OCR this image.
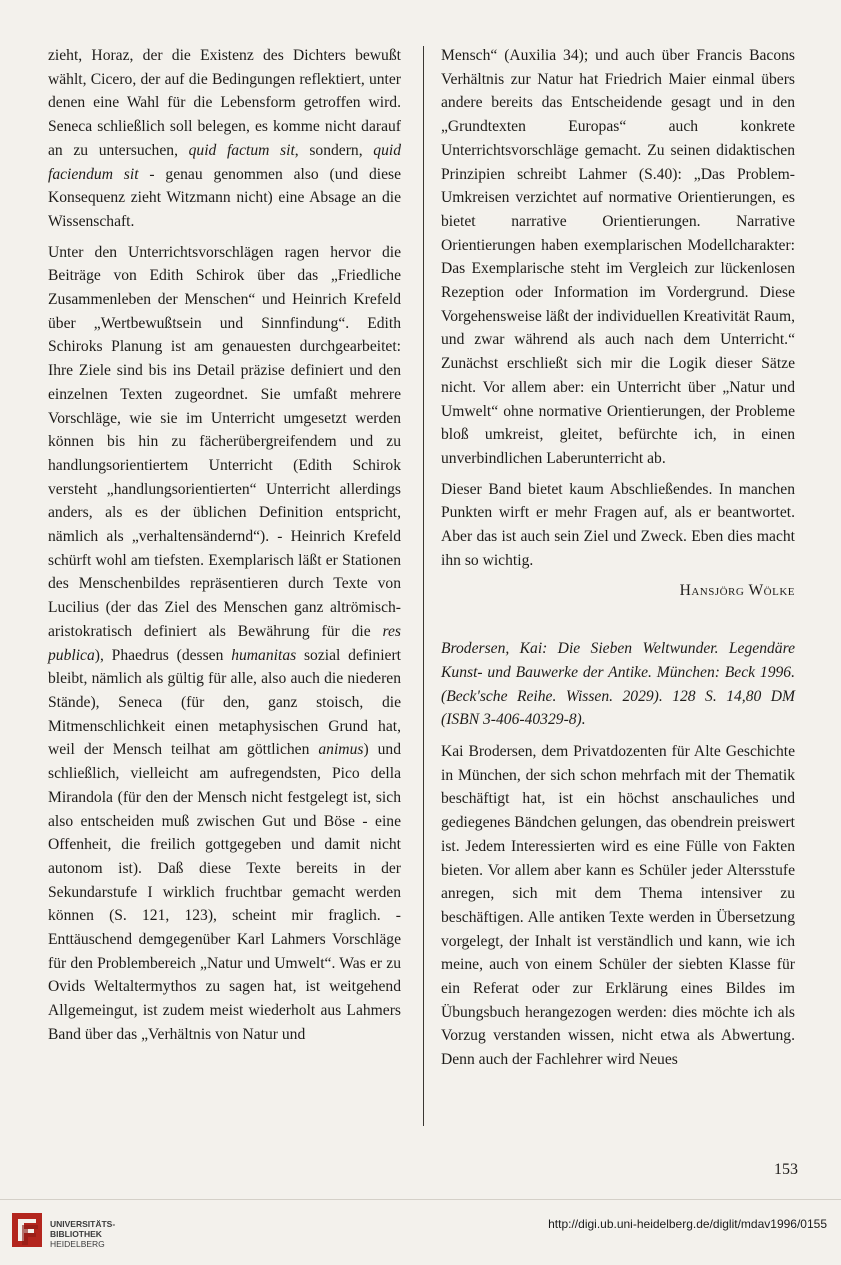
zieht, Horaz, der die Existenz des Dichters bewußt wählt, Cicero, der auf die Bedingungen reflektiert, unter denen eine Wahl für die Lebensform getroffen wird. Seneca schließlich soll belegen, es komme nicht darauf an zu untersuchen, quid factum sit, sondern, quid faciendum sit - genau genommen also (und diese Konsequenz zieht Witzmann nicht) eine Absage an die Wissenschaft.

Unter den Unterrichtsvorschlägen ragen hervor die Beiträge von Edith Schirok über das „Friedliche Zusammenleben der Menschen“ und Heinrich Krefeld über „Wertbewußtsein und Sinnfindung“. Edith Schiroks Planung ist am genauesten durchgearbeitet: Ihre Ziele sind bis ins Detail präzise definiert und den einzelnen Texten zugeordnet. Sie umfaßt mehrere Vorschläge, wie sie im Unterricht umgesetzt werden können bis hin zu fächerübergreifendem und zu handlungsorientiertem Unterricht (Edith Schirok versteht „handlungsorientierten“ Unterricht allerdings anders, als es der üblichen Definition entspricht, nämlich als „verhaltensändernd“). - Heinrich Krefeld schürft wohl am tiefsten. Exemplarisch läßt er Stationen des Menschenbildes repräsentieren durch Texte von Lucilius (der das Ziel des Menschen ganz altrömisch-aristokratisch definiert als Bewährung für die res publica), Phaedrus (dessen humanitas sozial definiert bleibt, nämlich als gültig für alle, also auch die niederen Stände), Seneca (für den, ganz stoisch, die Mitmenschlichkeit einen metaphysischen Grund hat, weil der Mensch teilhat am göttlichen animus) und schließlich, vielleicht am aufregendsten, Pico della Mirandola (für den der Mensch nicht festgelegt ist, sich also entscheiden muß zwischen Gut und Böse - eine Offenheit, die freilich gottgegeben und damit nicht autonom ist). Daß diese Texte bereits in der Sekundarstufe I wirklich fruchtbar gemacht werden können (S. 121, 123), scheint mir fraglich. - Enttäuschend demgegenüber Karl Lahmers Vorschläge für den Problembereich „Natur und Umwelt“. Was er zu Ovids Weltaltermythos zu sagen hat, ist weitgehend Allgemeingut, ist zudem meist wiederholt aus Lahmers Band über das „Verhältnis von Natur und

Mensch“ (Auxilia 34); und auch über Francis Bacons Verhältnis zur Natur hat Friedrich Maier einmal übers andere bereits das Entscheidende gesagt und in den „Grundtexten Europas“ auch konkrete Unterrichtsvorschläge gemacht. Zu seinen didaktischen Prinzipien schreibt Lahmer (S.40): „Das Problem-Umkreisen verzichtet auf normative Orientierungen, es bietet narrative Orientierungen. Narrative Orientierungen haben exemplarischen Modellcharakter: Das Exemplarische steht im Vergleich zur lückenlosen Rezeption oder Information im Vordergrund. Diese Vorgehensweise läßt der individuellen Kreativität Raum, und zwar während als auch nach dem Unterricht.“ Zunächst erschließt sich mir die Logik dieser Sätze nicht. Vor allem aber: ein Unterricht über „Natur und Umwelt“ ohne normative Orientierungen, der Probleme bloß umkreist, gleitet, befürchte ich, in einen unverbindlichen Laberunterricht ab.

Dieser Band bietet kaum Abschließendes. In manchen Punkten wirft er mehr Fragen auf, als er beantwortet. Aber das ist auch sein Ziel und Zweck. Eben dies macht ihn so wichtig.

Hansjörg Wölke

Brodersen, Kai: Die Sieben Weltwunder. Legendäre Kunst- und Bauwerke der Antike. München: Beck 1996. (Beck'sche Reihe. Wissen. 2029). 128 S. 14,80 DM (ISBN 3-406-40329-8).

Kai Brodersen, dem Privatdozenten für Alte Geschichte in München, der sich schon mehrfach mit der Thematik beschäftigt hat, ist ein höchst anschauliches und gediegenes Bändchen gelungen, das obendrein preiswert ist. Jedem Interessierten wird es eine Fülle von Fakten bieten. Vor allem aber kann es Schüler jeder Altersstufe anregen, sich mit dem Thema intensiver zu beschäftigen. Alle antiken Texte werden in Übersetzung vorgelegt, der Inhalt ist verständlich und kann, wie ich meine, auch von einem Schüler der siebten Klasse für ein Referat oder zur Erklärung eines Bildes im Übungsbuch herangezogen werden: dies möchte ich als Vorzug verstanden wissen, nicht etwa als Abwertung. Denn auch der Fachlehrer wird Neues

153
UNIVERSITÄTS-
BIBLIOTHEK
HEIDELBERG
http://digi.ub.uni-heidelberg.de/diglit/mdav1996/0155
